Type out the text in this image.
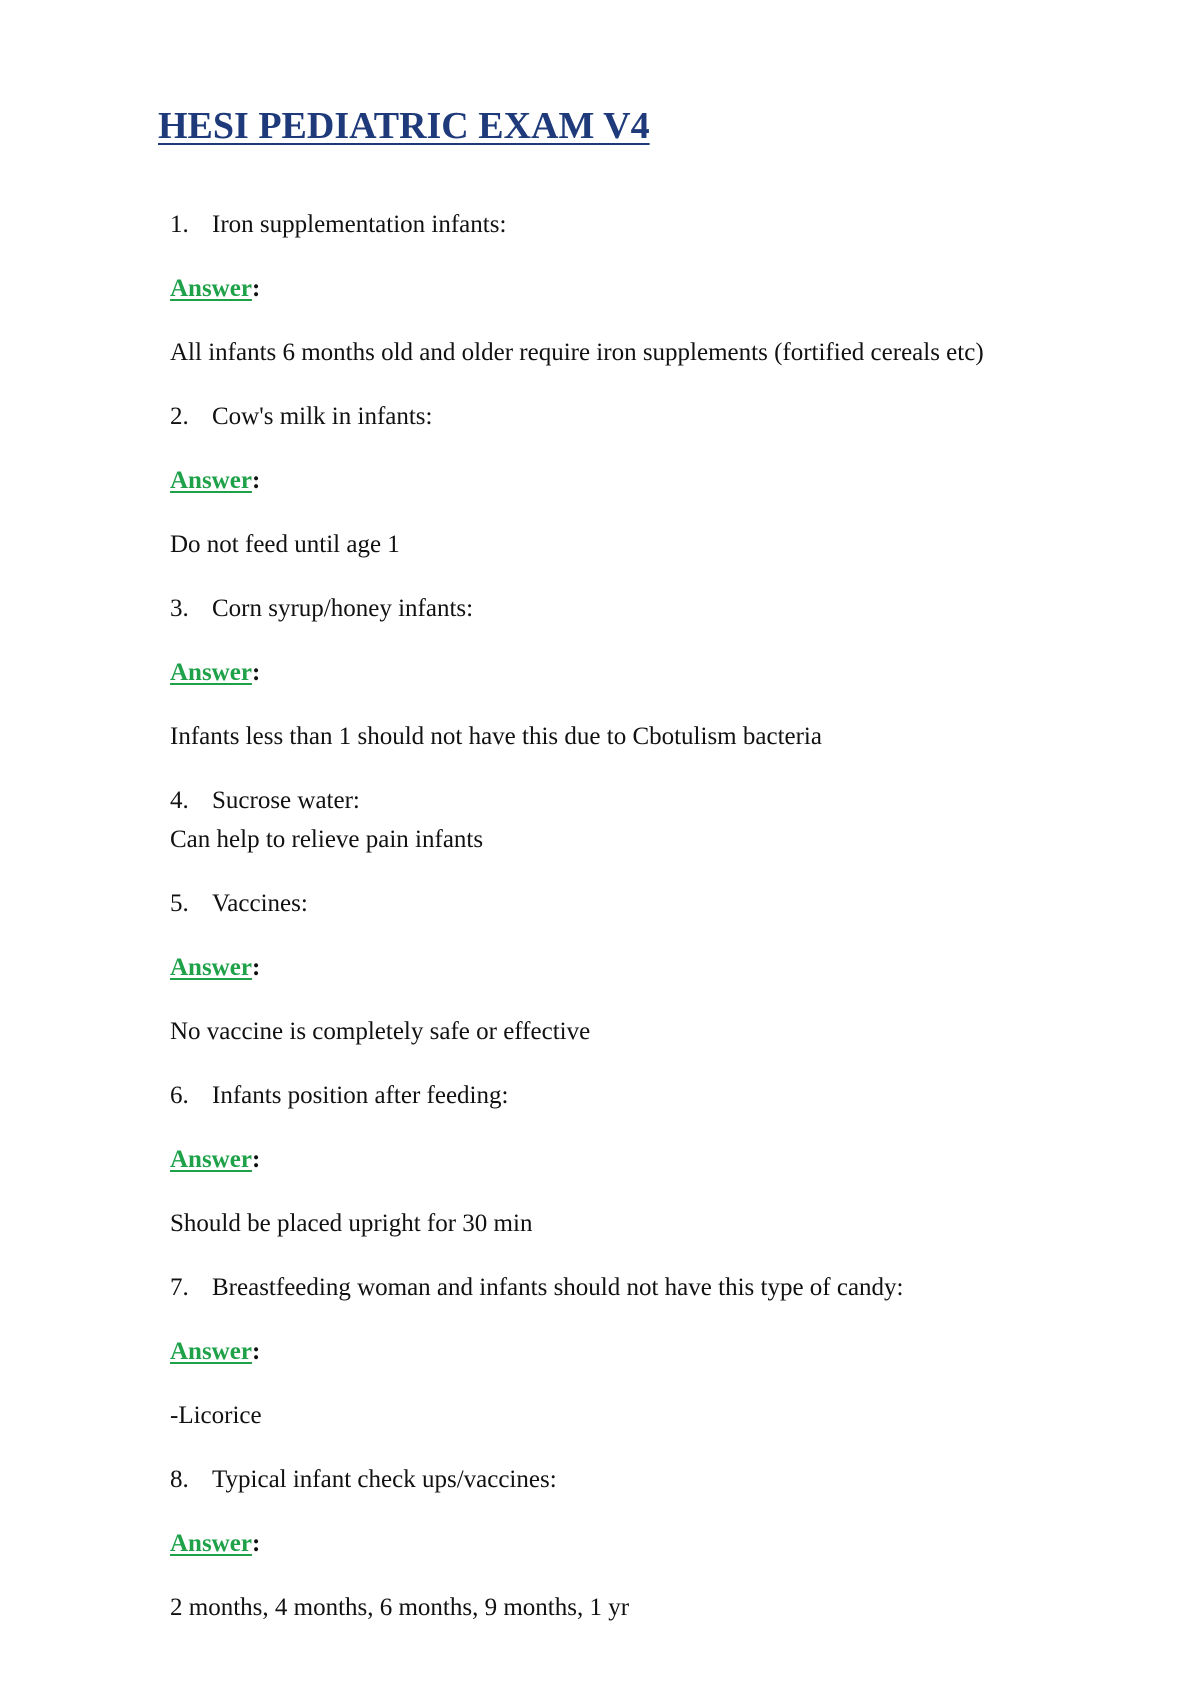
HESI PEDIATRIC EXAM V4
1. Iron supplementation infants:
Answer:
All infants 6 months old and older require iron supplements (fortified cereals etc)
2. Cow's milk in infants:
Answer:
Do not feed until age 1
3. Corn syrup/honey infants:
Answer:
Infants less than 1 should not have this due to Cbotulism bacteria
4. Sucrose water:
Can help to relieve pain infants
5. Vaccines:
Answer:
No vaccine is completely safe or effective
6. Infants position after feeding:
Answer:
Should be placed upright for 30 min
7. Breastfeeding woman and infants should not have this type of candy:
Answer:
-Licorice
8. Typical infant check ups/vaccines:
Answer:
2 months, 4 months, 6 months, 9 months, 1 yr
